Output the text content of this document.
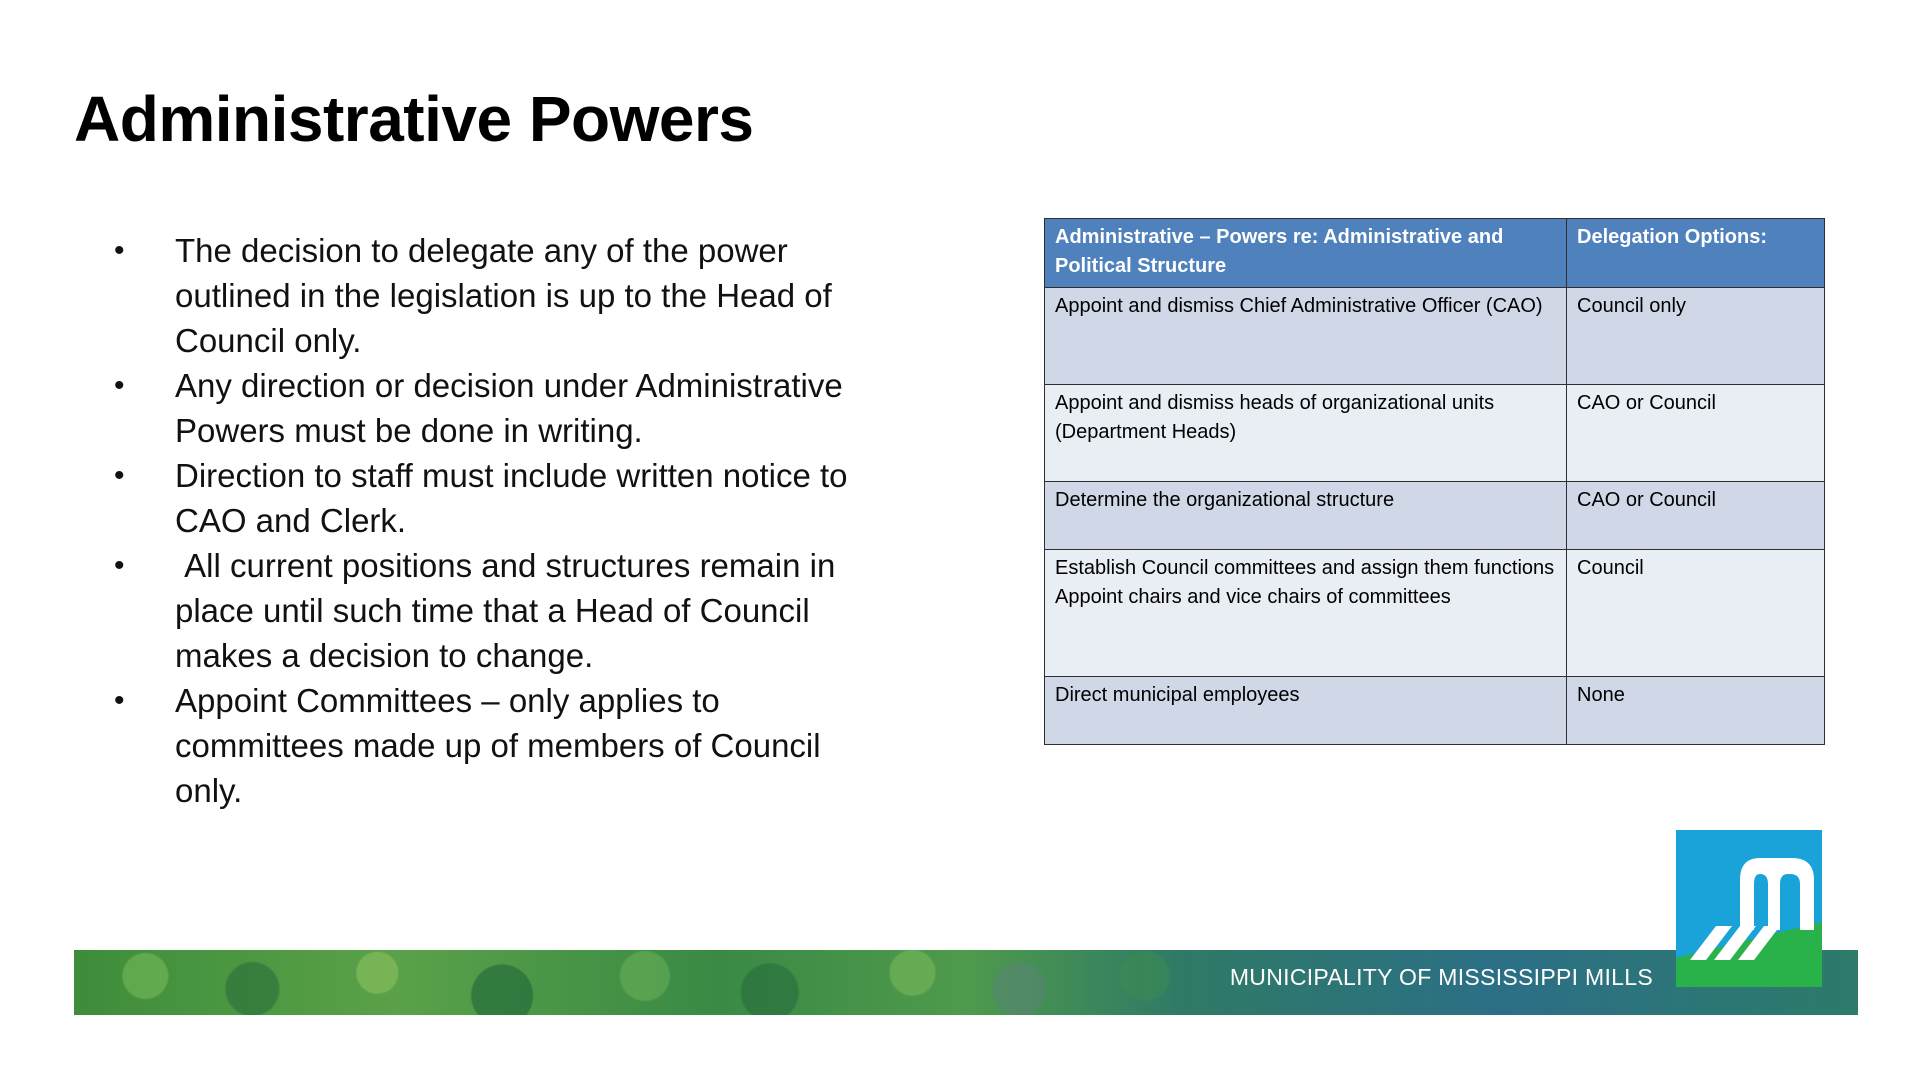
Administrative Powers
• The decision to delegate any of the power outlined in the legislation is up to the Head of Council only.
• Any direction or decision under Administrative Powers must be done in writing.
• Direction to staff must include written notice to CAO and Clerk.
• All current positions and structures remain in place until such time that a Head of Council makes a decision to change.
• Appoint Committees – only applies to committees made up of members of Council only.
Administrative – Powers re: Administrative and Political Structure	Delegation Options:

Appoint and dismiss Chief Administrative Officer (CAO)	Council only

Appoint and dismiss heads of organizational units (Department Heads)	CAO or Council

Determine the organizational structure	CAO or Council

Establish Council committees and assign them functions
Appoint chairs and vice chairs of committees	Council

Direct municipal employees	None
MUNICIPALITY OF MISSISSIPPI MILLS
